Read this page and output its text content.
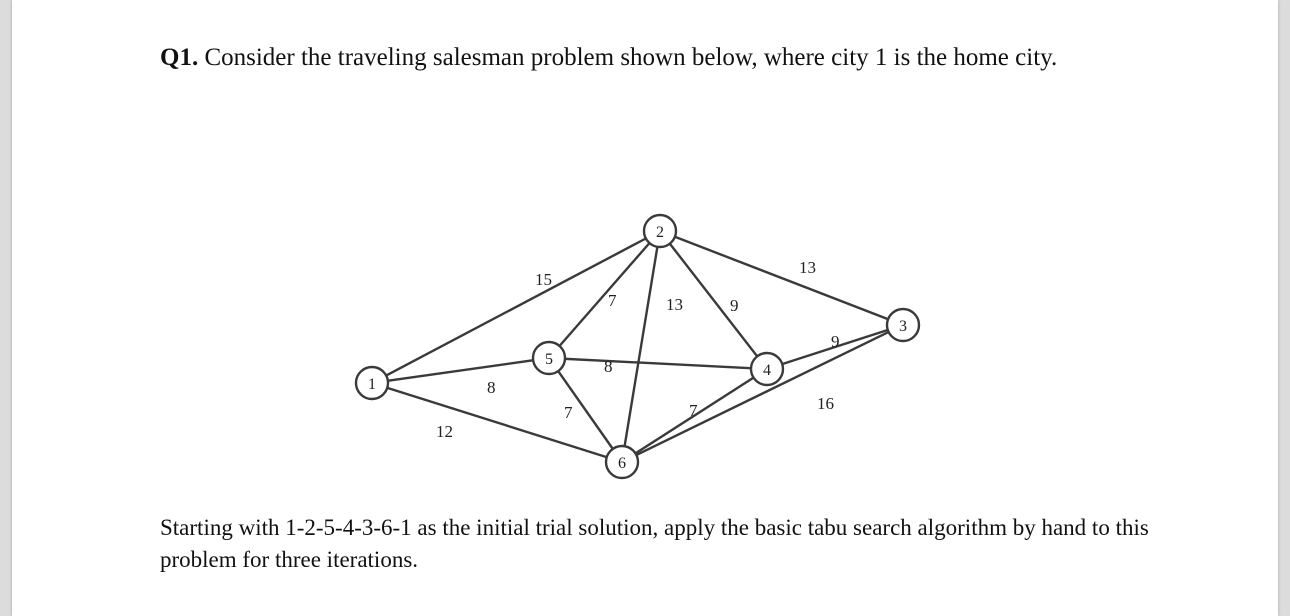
Q1. Consider the traveling salesman problem shown below, where city 1 is the home city.
15
8
12
7	13	9
13
8
7
9
7	16
1
2
3
4
5
6
Starting with 1-2-5-4-3-6-1 as the initial trial solution, apply the basic tabu search algorithm by hand to this problem for three iterations.
